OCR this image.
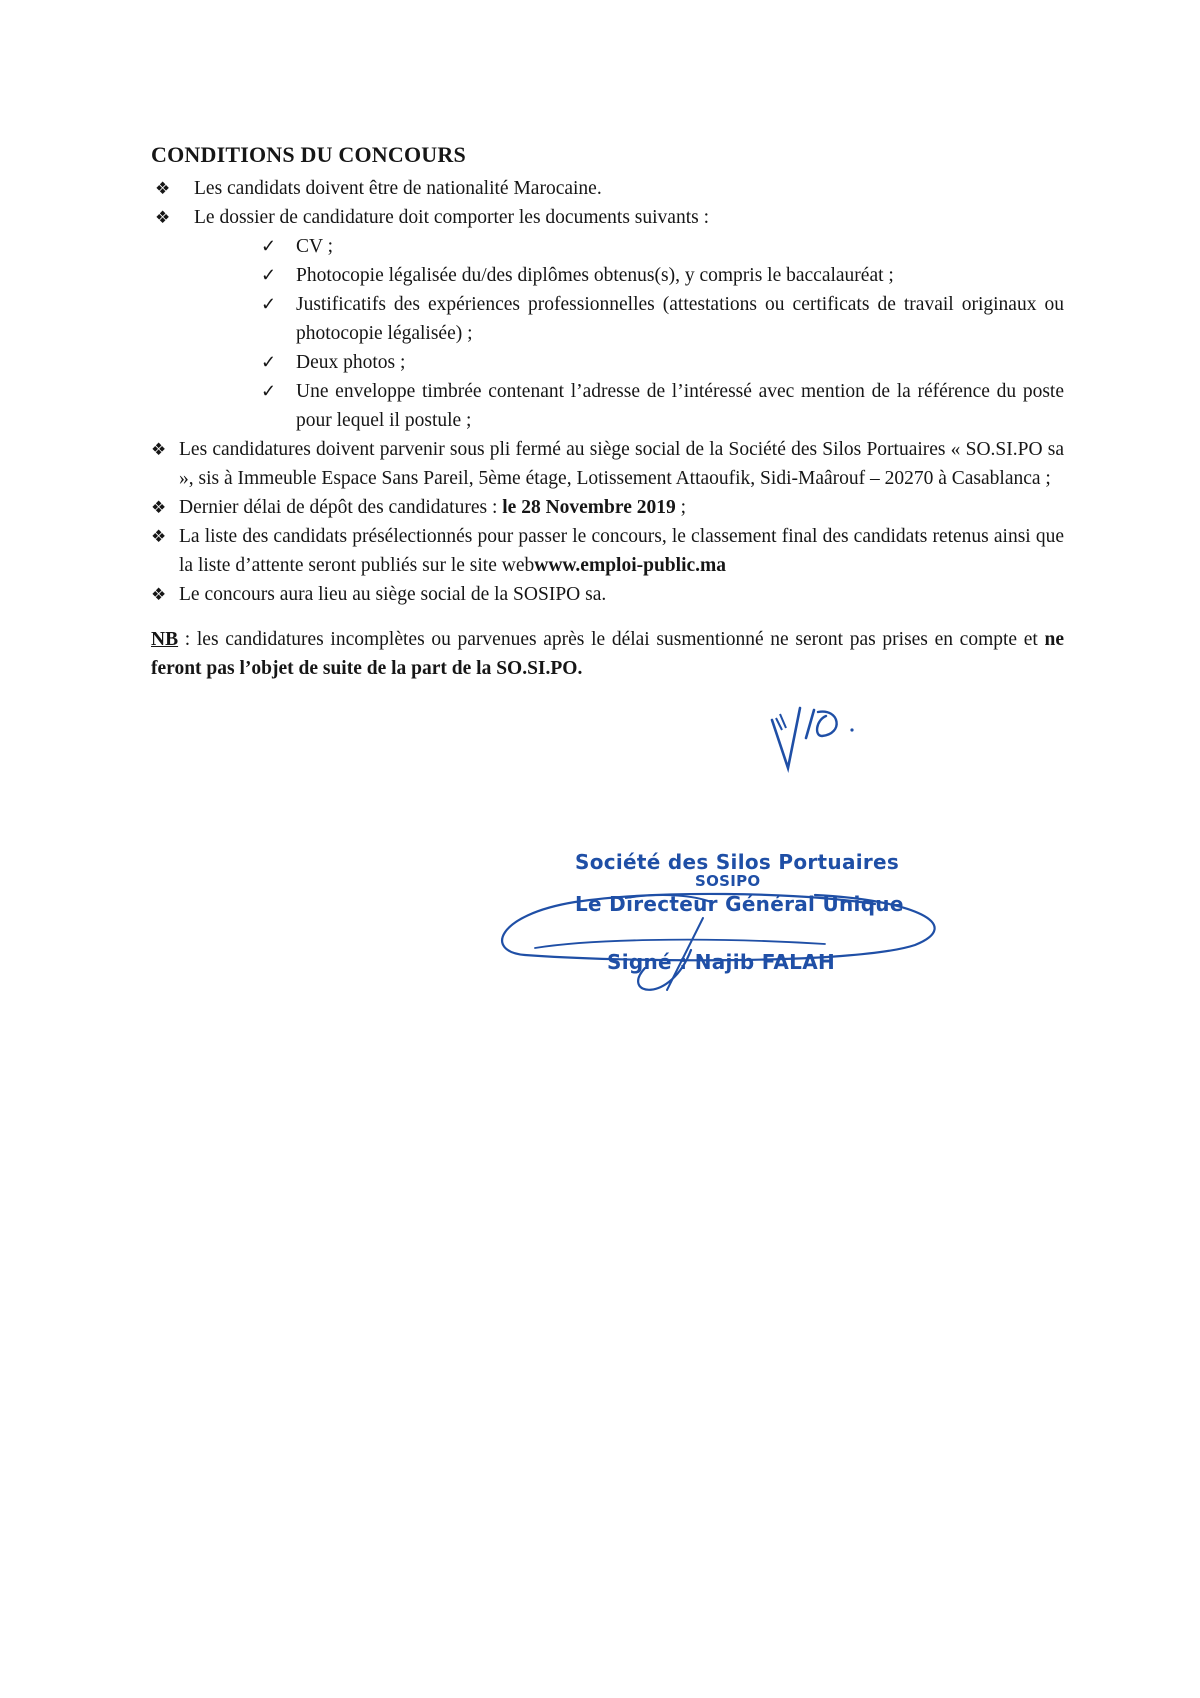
CONDITIONS DU CONCOURS
❖ Les candidats doivent être de nationalité Marocaine.
❖ Le dossier de candidature doit comporter les documents suivants :
✓ CV ;
✓ Photocopie légalisée du/des diplômes obtenus(s), y compris le baccalauréat ;
✓ Justificatifs des expériences professionnelles (attestations ou certificats de travail originaux ou photocopie légalisée) ;
✓ Deux photos ;
✓ Une enveloppe timbrée contenant l’adresse de l’intéressé avec mention de la référence du poste pour lequel il postule ;
❖ Les candidatures doivent parvenir sous pli fermé au siège social de la Société des Silos Portuaires « SO.SI.PO sa », sis à Immeuble Espace Sans Pareil, 5ème étage, Lotissement Attaoufik, Sidi-Maârouf – 20270 à Casablanca ;
❖ Dernier délai de dépôt des candidatures : le 28 Novembre 2019 ;
❖ La liste des candidats présélectionnés pour passer le concours, le classement final des candidats retenus ainsi que la liste d’attente seront publiés sur le site webwww.emploi-public.ma
❖ Le concours aura lieu au siège social de la SOSIPO sa.

NB : les candidatures incomplètes ou parvenues après le délai susmentionné ne seront pas prises en compte et ne feront pas l’objet de suite de la part de la SO.SI.PO.

Société des Silos Portuaires
SOSIPO
Le Directeur Général Unique
Signé : Najib FALAH
